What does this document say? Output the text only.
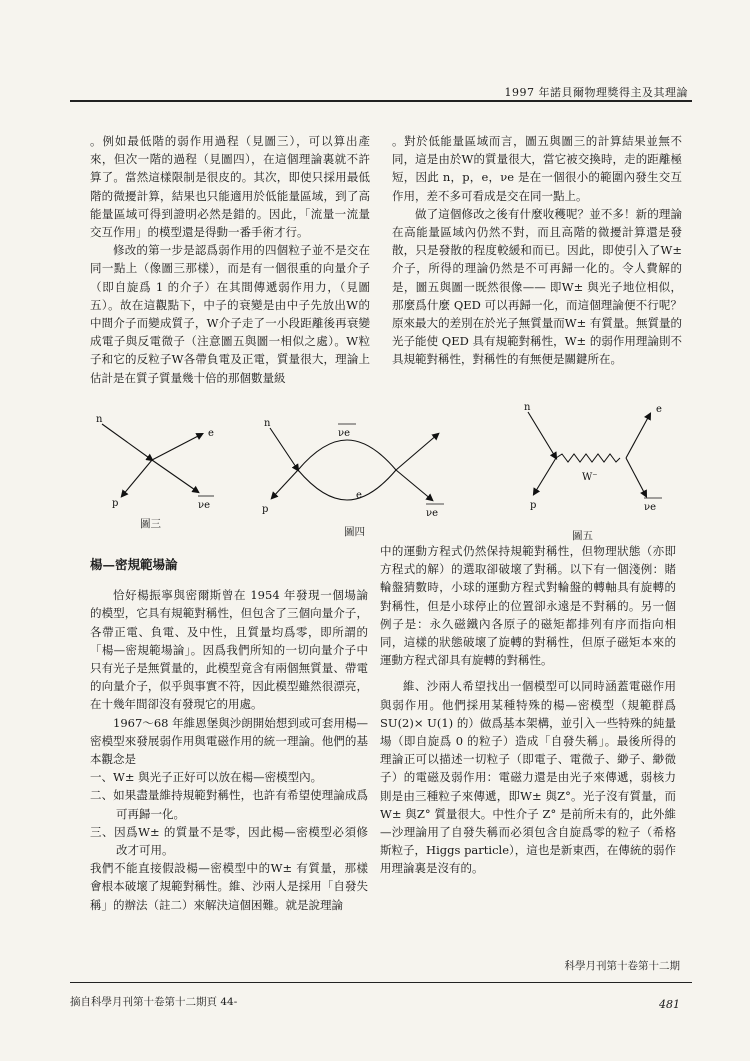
1997 年諾貝爾物理獎得主及其理論

。例如最低階的弱作用過程（見圖三），可以算出產來，但次一階的過程（見圖四），在這個理論裏就不許算了。當然這樣限制是很皮的。其次，即使只採用最低階的微擾計算，結果也只能適用於低能量區域，到了高能量區域可得到證明必然是錯的。因此，「流量一流量交互作用」的模型還是得動一番手術才行。

修改的第一步是認爲弱作用的四個粒子並不是交在同一點上（像圖三那樣），而是有一個很重的向量介子（即自旋爲 1 的介子）在其間傳遞弱作用力，（見圖五）。故在這觀點下，中子的衰變是由中子先放出W的中間介子而變成質子，W介子走了一小段距離後再衰變成電子與反電微子（注意圖五與圖一相似之處）。W粒子和它的反粒子W各帶負電及正電，質量很大，理論上估計是在質子質量幾十倍的那個數量級

。對於低能量區域而言，圖五與圖三的計算結果並無不同，這是由於W的質量很大，當它被交換時，走的距離極短，因此 n，p，e，νe 是在一個很小的範圍內發生交互作用，差不多可看成是交在同一點上。

做了這個修改之後有什麼收穫呢？並不多！新的理論在高能量區域內仍然不對，而且高階的微擾計算還是發散，只是發散的程度較緩和而已。因此，即使引入了W± 介子，所得的理論仍然是不可再歸一化的。令人費解的是，圖五與圖一既然很像—— 即W± 與光子地位相似，那麼爲什麼 QED 可以再歸一化，而這個理論便不行呢？原來最大的差別在於光子無質量而W± 有質量。無質量的光子能使 QED 具有規範對稱性，W± 的弱作用理論則不具規範對稱性，對稱性的有無便是關鍵所在。

n
e
p	νe
圖三
n
p
νe
e
νe
圖四
n	e
p	νe
W⁻
圖五

楊—密規範場論

恰好楊振寧與密爾斯曾在 1954 年發現一個場論的模型，它具有規範對稱性，但包含了三個向量介子，各帶正電、負電、及中性，且質量均爲零，即所謂的「楊—密規範場論」。因爲我們所知的一切向量介子中只有光子是無質量的，此模型竟含有兩個無質量、帶電的向量介子，似乎與事實不符，因此模型雖然很漂亮，在十幾年間卻沒有發現它的用處。

1967～68 年維恩堡與沙朗開始想到或可套用楊—密模型來發展弱作用與電磁作用的統一理論。他們的基本觀念是

一、W± 與光子正好可以放在楊—密模型內。

二、如果盡量維持規範對稱性，也許有希望使理論成爲可再歸一化。

三、因爲W± 的質量不是零，因此楊—密模型必須修改才可用。

我們不能直接假設楊—密模型中的W± 有質量，那樣會根本破壞了規範對稱性。維、沙兩人是採用「自發失稱」的辦法（註二）來解決這個困難。就是說理論

中的運動方程式仍然保持規範對稱性，但物理狀態（亦即方程式的解）的選取卻破壞了對稱。以下有一個淺例：賭輪盤猜數時，小球的運動方程式對輪盤的轉軸具有旋轉的對稱性，但是小球停止的位置卻永遠是不對稱的。另一個例子是：永久磁鐵內各原子的磁矩都排列有序而指向相同，這樣的狀態破壞了旋轉的對稱性，但原子磁矩本來的運動方程式卻具有旋轉的對稱性。

維、沙兩人希望找出一個模型可以同時涵蓋電磁作用與弱作用。他們採用某種特殊的楊—密模型（規範群爲 SU(2)× U(1) 的）做爲基本架構，並引入一些特殊的純量場（即自旋爲 0 的粒子）造成「自發失稱」。最後所得的理論正可以描述一切粒子（即電子、電微子、緲子、緲微子）的電磁及弱作用：電磁力還是由光子來傳遞，弱核力則是由三種粒子來傳遞，即W± 與Z°。光子沒有質量，而W± 與Z° 質量很大。中性介子 Z° 是前所未有的，此外維—沙理論用了自發失稱而必須包含自旋爲零的粒子（希格斯粒子，Higgs particle），這也是新東西，在傳統的弱作用理論裏是沒有的。

科學月刊第十卷第十二期
摘自科學月刊第十卷第十二期頁 44-	481
